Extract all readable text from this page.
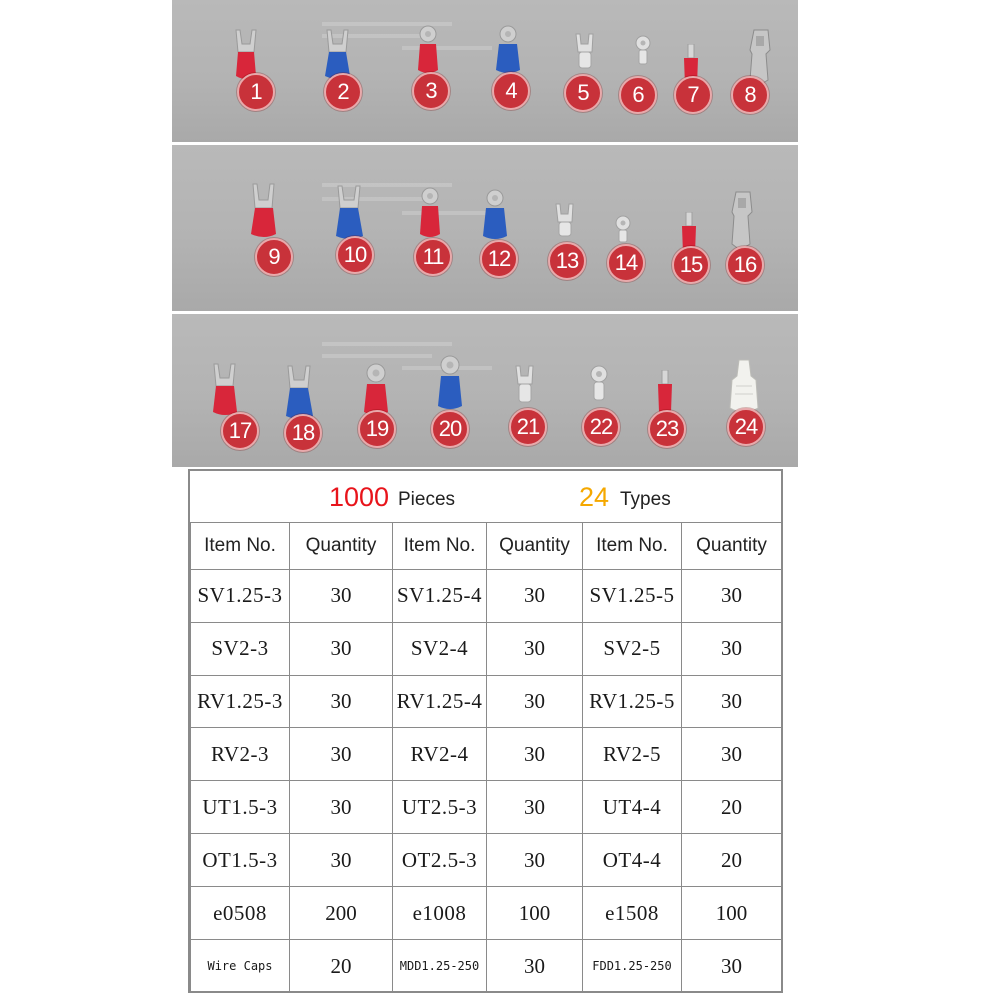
1	2	3	4	5	6	7	8
9	10	11	12	13	14	15	16
17	18	19	20	21	22	23	24
1000 Pieces	24 Types
Item No.	Quantity	Item No.	Quantity	Item No.	Quantity
SV1.25-3	30	SV1.25-4	30	SV1.25-5	30
SV2-3	30	SV2-4	30	SV2-5	30
RV1.25-3	30	RV1.25-4	30	RV1.25-5	30
RV2-3	30	RV2-4	30	RV2-5	30
UT1.5-3	30	UT2.5-3	30	UT4-4	20
OT1.5-3	30	OT2.5-3	30	OT4-4	20
e0508	200	e1008	100	e1508	100
Wire Caps	20	MDD1.25-250	30	FDD1.25-250	30
